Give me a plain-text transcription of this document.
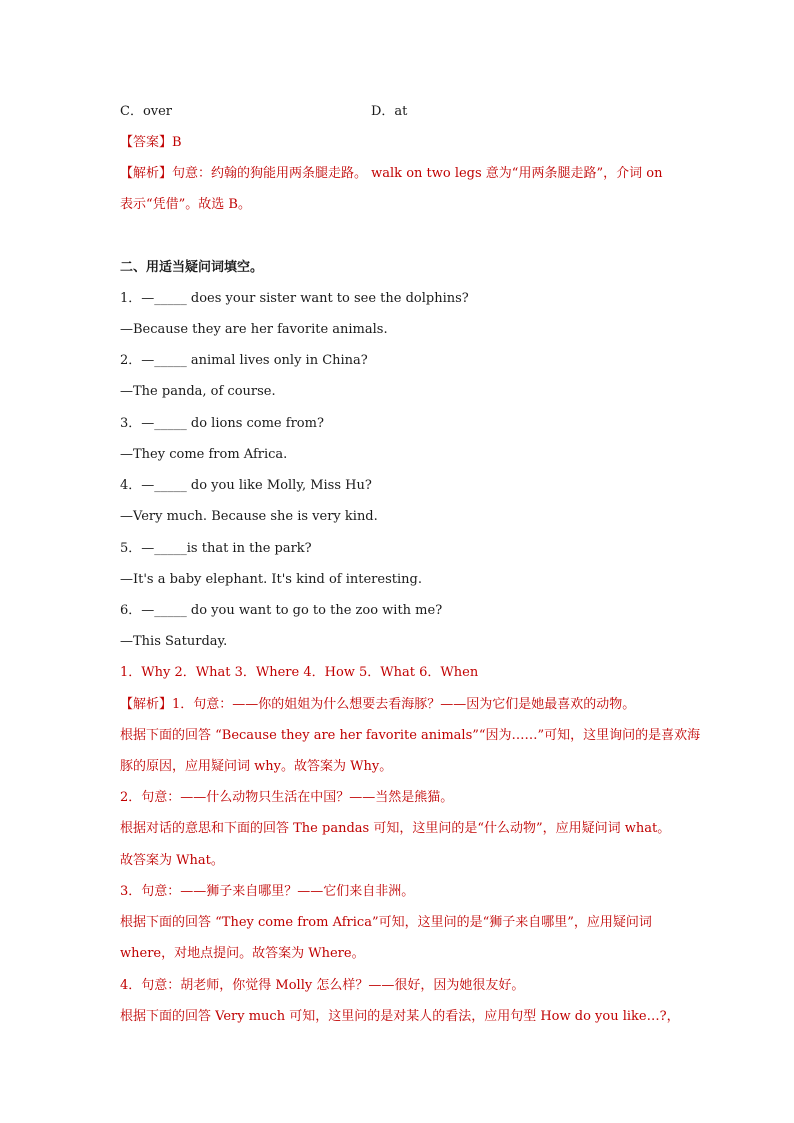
C．over	D．at
【答案】B
【解析】句意：约翰的狗能用两条腿走路。 walk on two legs 意为“用两条腿走路”，介词 on
表示“凭借”。故选 B。
二、用适当疑问词填空。
1．—_____ does your sister want to see the dolphins?
—Because they are her favorite animals.
2．—_____ animal lives only in China?
—The panda, of course.
3．—_____ do lions come from?
—They come from Africa.
4．—_____ do you like Molly, Miss Hu?
—Very much. Because she is very kind.
5．—_____is that in the park?
—It's a baby elephant. It's kind of interesting.
6．—_____ do you want to go to the zoo with me?
—This Saturday.
1．Why 2．What 3．Where 4．How 5．What 6．When
【解析】1．句意：——你的姐姐为什么想要去看海豚？——因为它们是她最喜欢的动物。
根据下面的回答 “Because they are her favorite animals”“因为……”可知，这里询问的是喜欢海
豚的原因，应用疑问词 why。故答案为 Why。
2．句意：——什么动物只生活在中国？——当然是熊猫。
根据对话的意思和下面的回答 The pandas 可知，这里问的是“什么动物”，应用疑问词 what。
故答案为 What。
3．句意：——狮子来自哪里？——它们来自非洲。
根据下面的回答 “They come from Africa”可知，这里问的是“狮子来自哪里”，应用疑问词
where，对地点提问。故答案为 Where。
4．句意：胡老师，你觉得 Molly 怎么样？——很好，因为她很友好。
根据下面的回答 Very much 可知，这里问的是对某人的看法，应用句型 How do you like…?，
